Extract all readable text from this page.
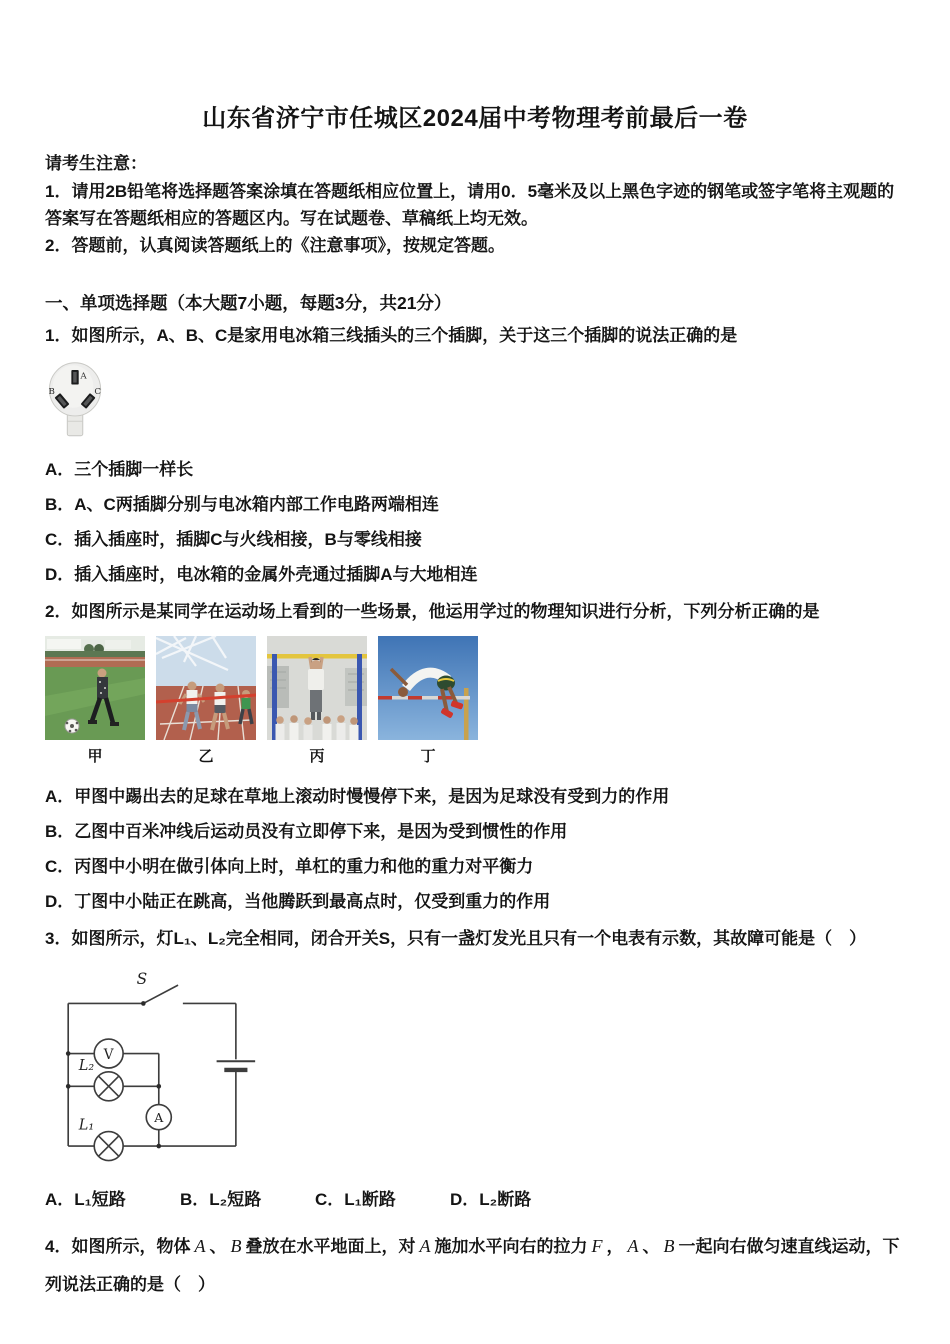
山东省济宁市任城区2024届中考物理考前最后一卷

请考生注意：

1．请用2B铅笔将选择题答案涂填在答题纸相应位置上，请用0．5毫米及以上黑色字迹的钢笔或签字笔将主观题的答案写在答题纸相应的答题区内。写在试题卷、草稿纸上均无效。

2．答题前，认真阅读答题纸上的《注意事项》，按规定答题。

一、单项选择题（本大题7小题，每题3分，共21分）

1．如图所示，A、B、C是家用电冰箱三线插头的三个插脚，关于这三个插脚的说法正确的是

A
B	C

A．三个插脚一样长

B．A、C两插脚分别与电冰箱内部工作电路两端相连

C．插入插座时，插脚C与火线相接，B与零线相接

D．插入插座时，电冰箱的金属外壳通过插脚A与大地相连

2．如图所示是某同学在运动场上看到的一些场景，他运用学过的物理知识进行分析，下列分析正确的是

甲	乙	丙	丁

A．甲图中踢出去的足球在草地上滚动时慢慢停下来，是因为足球没有受到力的作用

B．乙图中百米冲线后运动员没有立即停下来，是因为受到惯性的作用

C．丙图中小明在做引体向上时，单杠的重力和他的重力对平衡力

D．丁图中小陆正在跳高，当他腾跃到最高点时，仅受到重力的作用

3．如图所示，灯L₁、L₂完全相同，闭合开关S，只有一盏灯发光且只有一个电表有示数，其故障可能是（　）

S
V
A
L₂
L₁

A．L₁短路	B．L₂短路	C．L₁断路	D．L₂断路

4．如图所示，物体 A 、 B 叠放在水平地面上，对 A 施加水平向右的拉力 F ， A 、 B 一起向右做匀速直线运动，下列说法正确的是（　）
